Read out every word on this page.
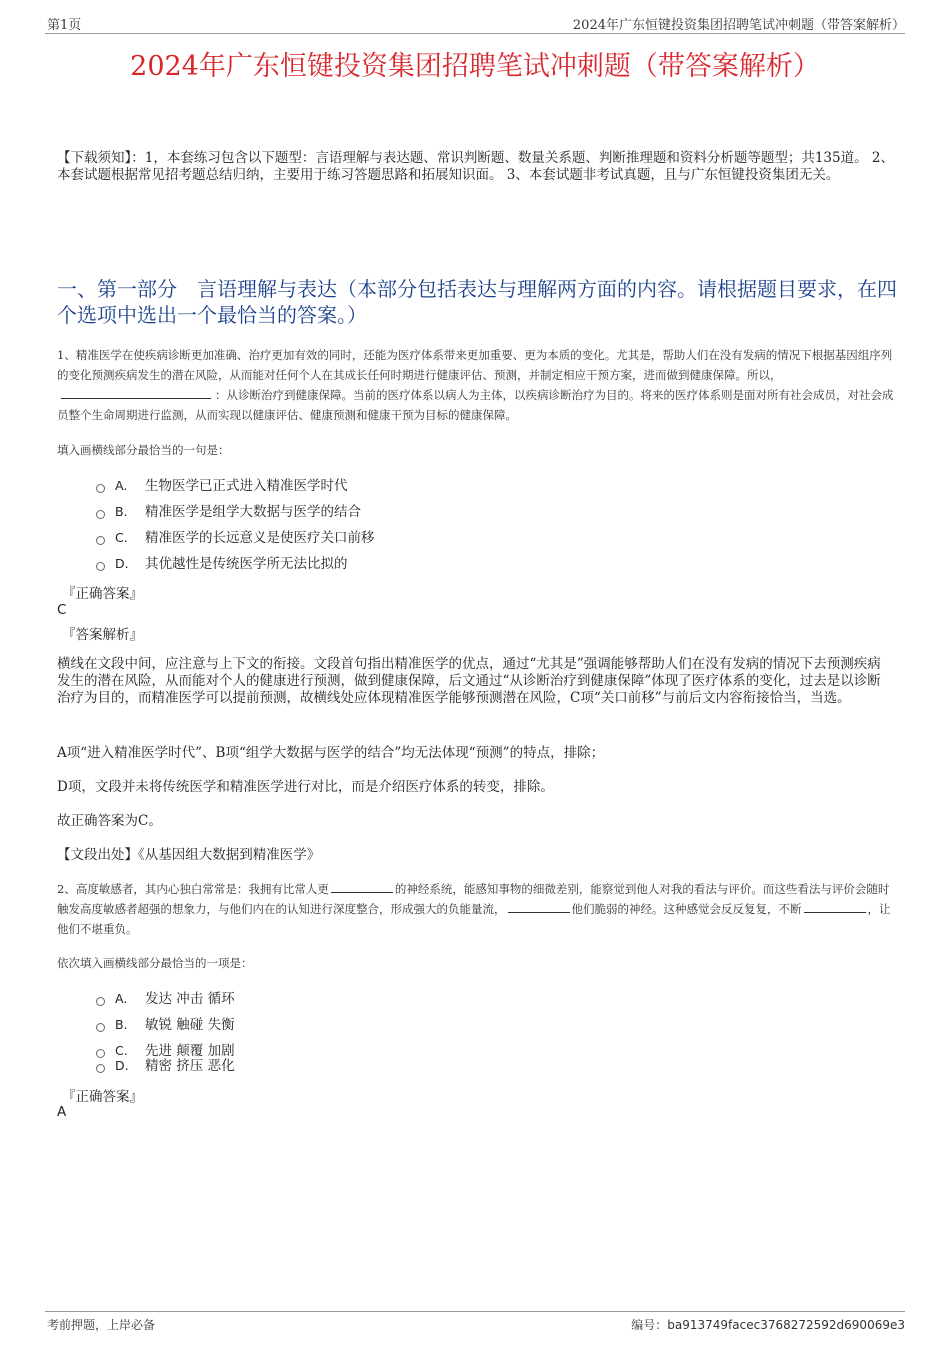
第1页	2024年广东恒键投资集团招聘笔试冲刺题（带答案解析）
2024年广东恒键投资集团招聘笔试冲刺题（带答案解析）
【下载须知】：1，本套练习包含以下题型：言语理解与表达题、常识判断题、数量关系题、判断推理题和资料分析题等题型；共135道。 2、本套试题根据常见招考题总结归纳，主要用于练习答题思路和拓展知识面。 3、本套试题非考试真题，且与广东恒键投资集团无关。
一、第一部分　言语理解与表达（本部分包括表达与理解两方面的内容。请根据题目要求，在四个选项中选出一个最恰当的答案。）
1、精准医学在使疾病诊断更加准确、治疗更加有效的同时，还能为医疗体系带来更加重要、更为本质的变化。尤其是，帮助人们在没有发病的情况下根据基因组序列的变化预测疾病发生的潜在风险，从而能对任何个人在其成长任何时期进行健康评估、预测，并制定相应干预方案，进而做到健康保障。所以，：从诊断治疗到健康保障。当前的医疗体系以病人为主体，以疾病诊断治疗为目的。将来的医疗体系则是面对所有社会成员，对社会成员整个生命周期进行监测，从而实现以健康评估、健康预测和健康干预为目标的健康保障。
填入画横线部分最恰当的一句是：
A. 生物医学已正式进入精准医学时代
B. 精准医学是组学大数据与医学的结合
C. 精准医学的长远意义是使医疗关口前移
D. 其优越性是传统医学所无法比拟的
『正确答案』
C
『答案解析』
横线在文段中间，应注意与上下文的衔接。文段首句指出精准医学的优点，通过“尤其是”强调能够帮助人们在没有发病的情况下去预测疾病发生的潜在风险，从而能对个人的健康进行预测，做到健康保障，后文通过“从诊断治疗到健康保障”体现了医疗体系的变化，过去是以诊断治疗为目的，而精准医学可以提前预测，故横线处应体现精准医学能够预测潜在风险，C项“关口前移”与前后文内容衔接恰当，当选。
A项“进入精准医学时代”、B项“组学大数据与医学的结合”均无法体现“预测”的特点，排除；
D项，文段并未将传统医学和精准医学进行对比，而是介绍医疗体系的转变，排除。
故正确答案为C。
【文段出处】《从基因组大数据到精准医学》
2、高度敏感者，其内心独白常常是：我拥有比常人更	的神经系统，能感知事物的细微差别，能察觉到他人对我的看法与评价。而这些看法与评价会随时触发高度敏感者超强的想象力，与他们内在的认知进行深度整合，形成强大的负能量流，	他们脆弱的神经。这种感觉会反反复复，不断	，让他们不堪重负。
依次填入画横线部分最恰当的一项是：
A. 发达 冲击 循环
B. 敏锐 触碰 失衡
C. 先进 颠覆 加剧
D. 精密 挤压 恶化
『正确答案』
A
考前押题，上岸必备	编号：ba913749facec3768272592d690069e3
